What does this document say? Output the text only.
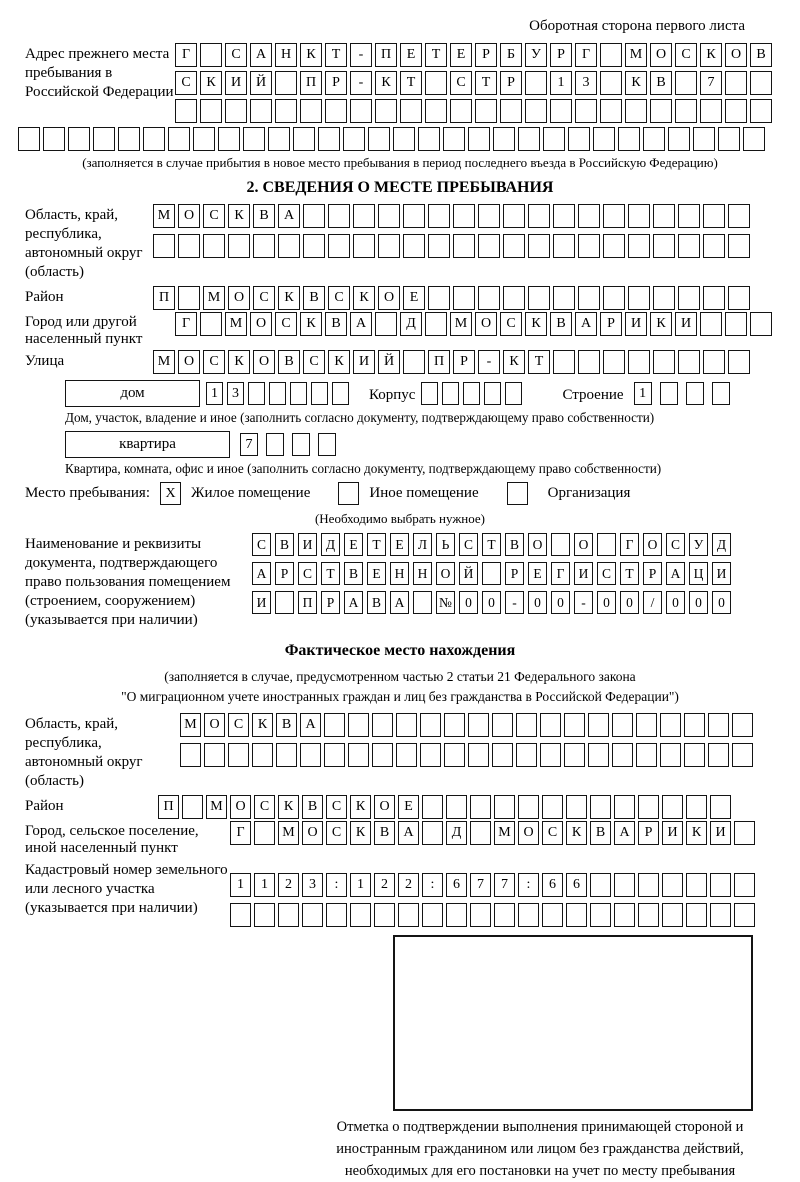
Оборотная сторона первого листа
Адрес прежнего места пребывания в Российской Федерации
Г	С	А	Н	К	Т	-	П	Е	Т	Е	Р	Б	У	Р	Г	М О	С	К	О	В
С	К	И	Й	П	Р	-	К	Т	С	Т	Р	1	3	К	В	7
(заполняется в случае прибытия в новое место пребывания в период последнего въезда в Российскую Федерацию)
2. СВЕДЕНИЯ О МЕСТЕ ПРЕБЫВАНИЯ
Область, край, республика, автономный округ (область)
М О	С	К	В	А
Район	П	М О	С	К	В	С	К	О	Е
Город или другой населенный пункт
Г	М О	С	К	В	А	Д	М О	С	К	В	А	Р	И	К	И
Улица	М О	С	К	О	В	С	К	И	Й	П	Р	-	К	Т
дом	1	3	Корпус	Строение	1
Дом, участок, владение и иное (заполнить согласно документу, подтверждающему право собственности)
квартира	7
Квартира, комната, офис и иное (заполнить согласно документу, подтверждающему право собственности)
Место пребывания:	X	Жилое помещение	Иное помещение	Организация
(Необходимо выбрать нужное)
Наименование и реквизиты документа, подтверждающего право пользования помещением (строением, сооружением) (указывается при наличии)
С	В	И	Д	Е	Т	Е	Л	Ь	С	Т	В	О	О	Г	О	С	У	Д
А	Р	С	Т	В	Е	Н Н О Й	Р	Е	Г	И	С	Т	Р	А Ц И
И	П	Р	А	В	А	№ 0	0	-	0	0	-	0	0	/	0	0	0
Фактическое место нахождения
(заполняется в случае, предусмотренном частью 2 статьи 21 Федерального закона
"О миграционном учете иностранных граждан и лиц без гражданства в Российской Федерации")
Область, край, республика, автономный округ (область)
М О	С	К	В	А
Район	П	М О	С	К	В	С	К	О	Е
Город, сельское поселение, иной населенный пункт
Г	М О	С	К	В	А	Д	М О	С	К	В	А	Р	И	К	И
Кадастровый номер земельного или лесного участка (указывается при наличии)
1	1	2	3	:	1	2	2	:	6	7	7	:	6	6
Отметка о подтверждении выполнения принимающей стороной и иностранным гражданином или лицом без гражданства действий, необходимых для его постановки на учет по месту пребывания
